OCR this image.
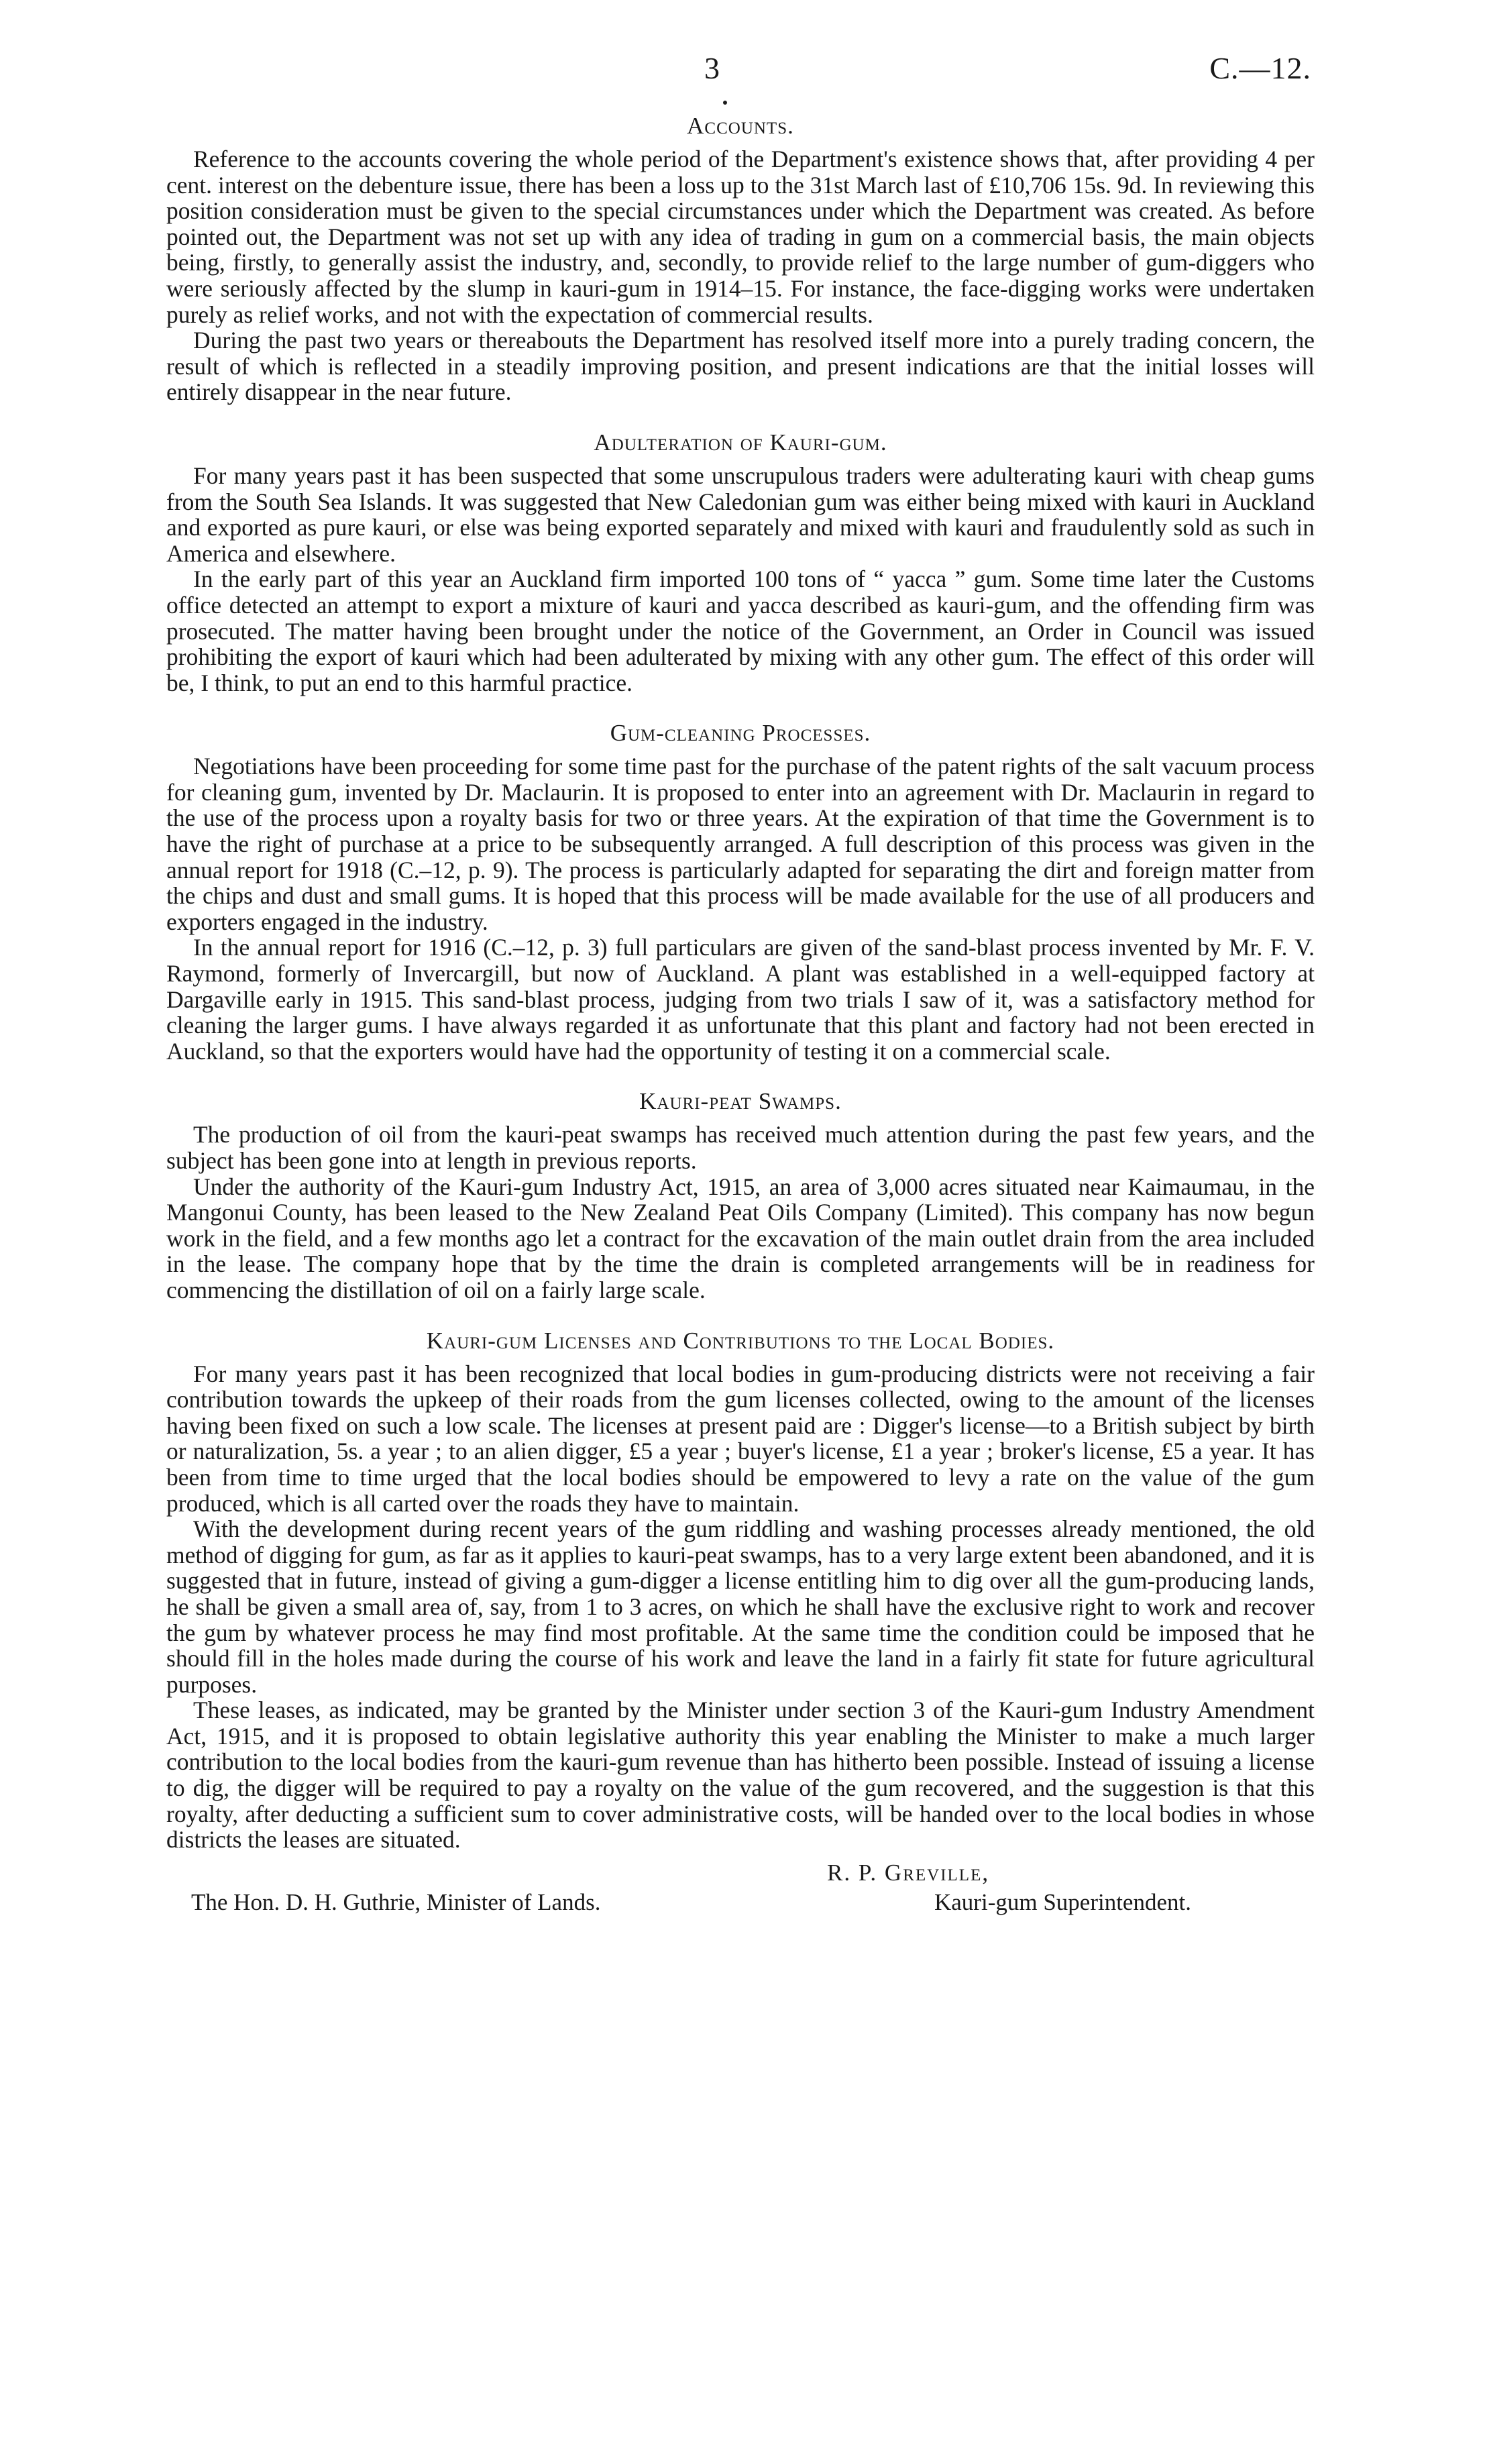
3	C.—12.
Accounts.

Reference to the accounts covering the whole period of the Department's existence shows that, after providing 4 per cent. interest on the debenture issue, there has been a loss up to the 31st March last of £10,706 15s. 9d. In reviewing this position consideration must be given to the special circumstances under which the Department was created. As before pointed out, the Department was not set up with any idea of trading in gum on a commercial basis, the main objects being, firstly, to generally assist the industry, and, secondly, to provide relief to the large number of gum-diggers who were seriously affected by the slump in kauri-gum in 1914–15. For instance, the face-digging works were undertaken purely as relief works, and not with the expectation of commercial results.

During the past two years or thereabouts the Department has resolved itself more into a purely trading concern, the result of which is reflected in a steadily improving position, and present indications are that the initial losses will entirely disappear in the near future.

Adulteration of Kauri-gum.

For many years past it has been suspected that some unscrupulous traders were adulterating kauri with cheap gums from the South Sea Islands. It was suggested that New Caledonian gum was either being mixed with kauri in Auckland and exported as pure kauri, or else was being exported separately and mixed with kauri and fraudulently sold as such in America and elsewhere.

In the early part of this year an Auckland firm imported 100 tons of “ yacca ” gum. Some time later the Customs office detected an attempt to export a mixture of kauri and yacca described as kauri-gum, and the offending firm was prosecuted. The matter having been brought under the notice of the Government, an Order in Council was issued prohibiting the export of kauri which had been adulterated by mixing with any other gum. The effect of this order will be, I think, to put an end to this harmful practice.

Gum-cleaning Processes.

Negotiations have been proceeding for some time past for the purchase of the patent rights of the salt vacuum process for cleaning gum, invented by Dr. Maclaurin. It is proposed to enter into an agreement with Dr. Maclaurin in regard to the use of the process upon a royalty basis for two or three years. At the expiration of that time the Government is to have the right of purchase at a price to be subsequently arranged. A full description of this process was given in the annual report for 1918 (C.–12, p. 9). The process is particularly adapted for separating the dirt and foreign matter from the chips and dust and small gums. It is hoped that this process will be made available for the use of all producers and exporters engaged in the industry.

In the annual report for 1916 (C.–12, p. 3) full particulars are given of the sand-blast process invented by Mr. F. V. Raymond, formerly of Invercargill, but now of Auckland. A plant was established in a well-equipped factory at Dargaville early in 1915. This sand-blast process, judging from two trials I saw of it, was a satisfactory method for cleaning the larger gums. I have always regarded it as unfortunate that this plant and factory had not been erected in Auckland, so that the exporters would have had the opportunity of testing it on a commercial scale.

Kauri-peat Swamps.

The production of oil from the kauri-peat swamps has received much attention during the past few years, and the subject has been gone into at length in previous reports.

Under the authority of the Kauri-gum Industry Act, 1915, an area of 3,000 acres situated near Kaimaumau, in the Mangonui County, has been leased to the New Zealand Peat Oils Company (Limited). This company has now begun work in the field, and a few months ago let a contract for the excavation of the main outlet drain from the area included in the lease. The company hope that by the time the drain is completed arrangements will be in readiness for commencing the distillation of oil on a fairly large scale.

Kauri-gum Licenses and Contributions to the Local Bodies.

For many years past it has been recognized that local bodies in gum-producing districts were not receiving a fair contribution towards the upkeep of their roads from the gum licenses collected, owing to the amount of the licenses having been fixed on such a low scale. The licenses at present paid are : Digger's license—to a British subject by birth or naturalization, 5s. a year ; to an alien digger, £5 a year ; buyer's license, £1 a year ; broker's license, £5 a year. It has been from time to time urged that the local bodies should be empowered to levy a rate on the value of the gum produced, which is all carted over the roads they have to maintain.

With the development during recent years of the gum riddling and washing processes already mentioned, the old method of digging for gum, as far as it applies to kauri-peat swamps, has to a very large extent been abandoned, and it is suggested that in future, instead of giving a gum-digger a license entitling him to dig over all the gum-producing lands, he shall be given a small area of, say, from 1 to 3 acres, on which he shall have the exclusive right to work and recover the gum by whatever process he may find most profitable. At the same time the condition could be imposed that he should fill in the holes made during the course of his work and leave the land in a fairly fit state for future agricultural purposes.

These leases, as indicated, may be granted by the Minister under section 3 of the Kauri-gum Industry Amendment Act, 1915, and it is proposed to obtain legislative authority this year enabling the Minister to make a much larger contribution to the local bodies from the kauri-gum revenue than has hitherto been possible. Instead of issuing a license to dig, the digger will be required to pay a royalty on the value of the gum recovered, and the suggestion is that this royalty, after deducting a sufficient sum to cover administrative costs, will be handed over to the local bodies in whose districts the leases are situated.

R. P. Greville,
The Hon. D. H. Guthrie, Minister of Lands.	Kauri-gum Superintendent.
